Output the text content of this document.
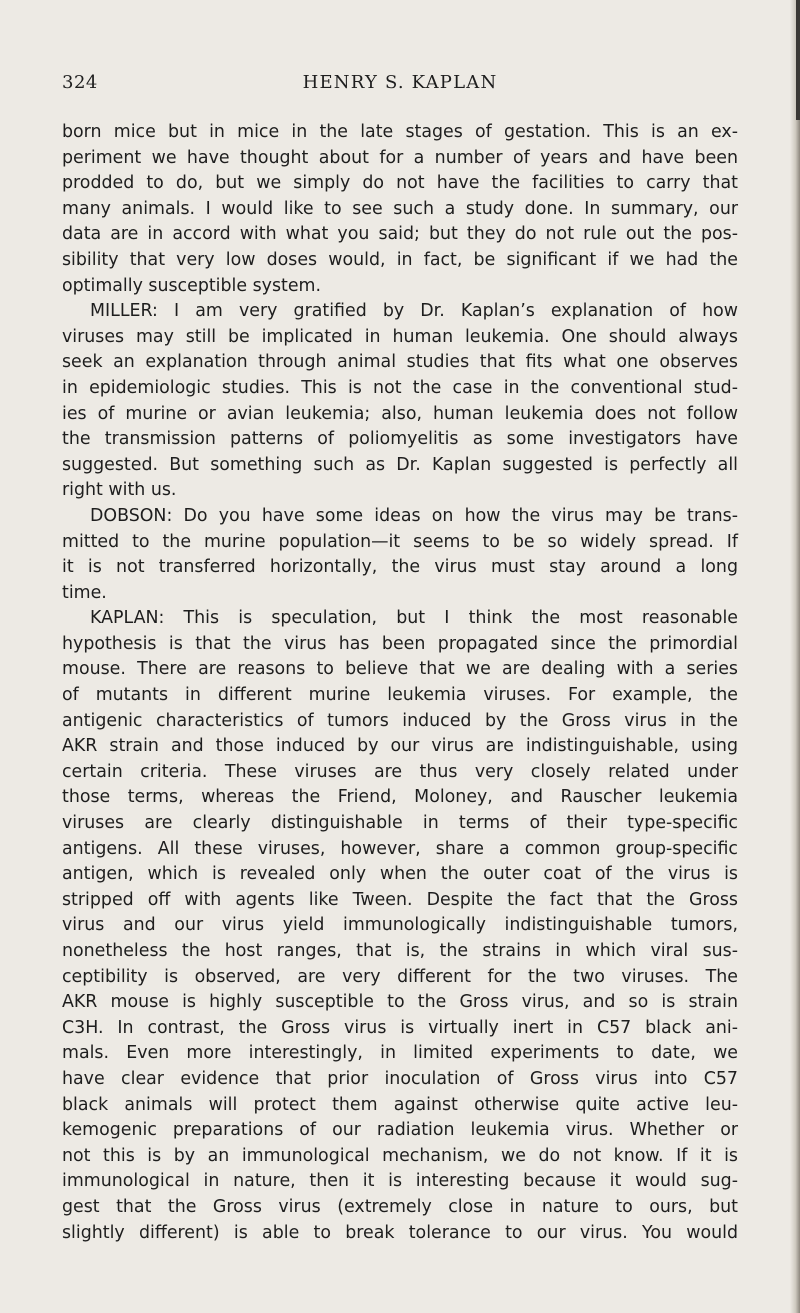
324	HENRY S. KAPLAN
born mice but in mice in the late stages of gestation. This is an ex-
periment we have thought about for a number of years and have been
prodded to do, but we simply do not have the facilities to carry that
many animals. I would like to see such a study done. In summary, our
data are in accord with what you said; but they do not rule out the pos-
sibility that very low doses would, in fact, be significant if we had the
optimally susceptible system.
MILLER: I am very gratified by Dr. Kaplan’s explanation of how
viruses may still be implicated in human leukemia. One should always
seek an explanation through animal studies that fits what one observes
in epidemiologic studies. This is not the case in the conventional stud-
ies of murine or avian leukemia; also, human leukemia does not follow
the transmission patterns of poliomyelitis as some investigators have
suggested. But something such as Dr. Kaplan suggested is perfectly all
right with us.
DOBSON: Do you have some ideas on how the virus may be trans-
mitted to the murine population—it seems to be so widely spread. If
it is not transferred horizontally, the virus must stay around a long
time.
KAPLAN: This is speculation, but I think the most reasonable
hypothesis is that the virus has been propagated since the primordial
mouse. There are reasons to believe that we are dealing with a series
of mutants in different murine leukemia viruses. For example, the
antigenic characteristics of tumors induced by the Gross virus in the
AKR strain and those induced by our virus are indistinguishable, using
certain criteria. These viruses are thus very closely related under
those terms, whereas the Friend, Moloney, and Rauscher leukemia
viruses are clearly distinguishable in terms of their type-specific
antigens. All these viruses, however, share a common group-specific
antigen, which is revealed only when the outer coat of the virus is
stripped off with agents like Tween. Despite the fact that the Gross
virus and our virus yield immunologically indistinguishable tumors,
nonetheless the host ranges, that is, the strains in which viral sus-
ceptibility is observed, are very different for the two viruses. The
AKR mouse is highly susceptible to the Gross virus, and so is strain
C3H. In contrast, the Gross virus is virtually inert in C57 black ani-
mals. Even more interestingly, in limited experiments to date, we
have clear evidence that prior inoculation of Gross virus into C57
black animals will protect them against otherwise quite active leu-
kemogenic preparations of our radiation leukemia virus. Whether or
not this is by an immunological mechanism, we do not know. If it is
immunological in nature, then it is interesting because it would sug-
gest that the Gross virus (extremely close in nature to ours, but
slightly different) is able to break tolerance to our virus. You would
